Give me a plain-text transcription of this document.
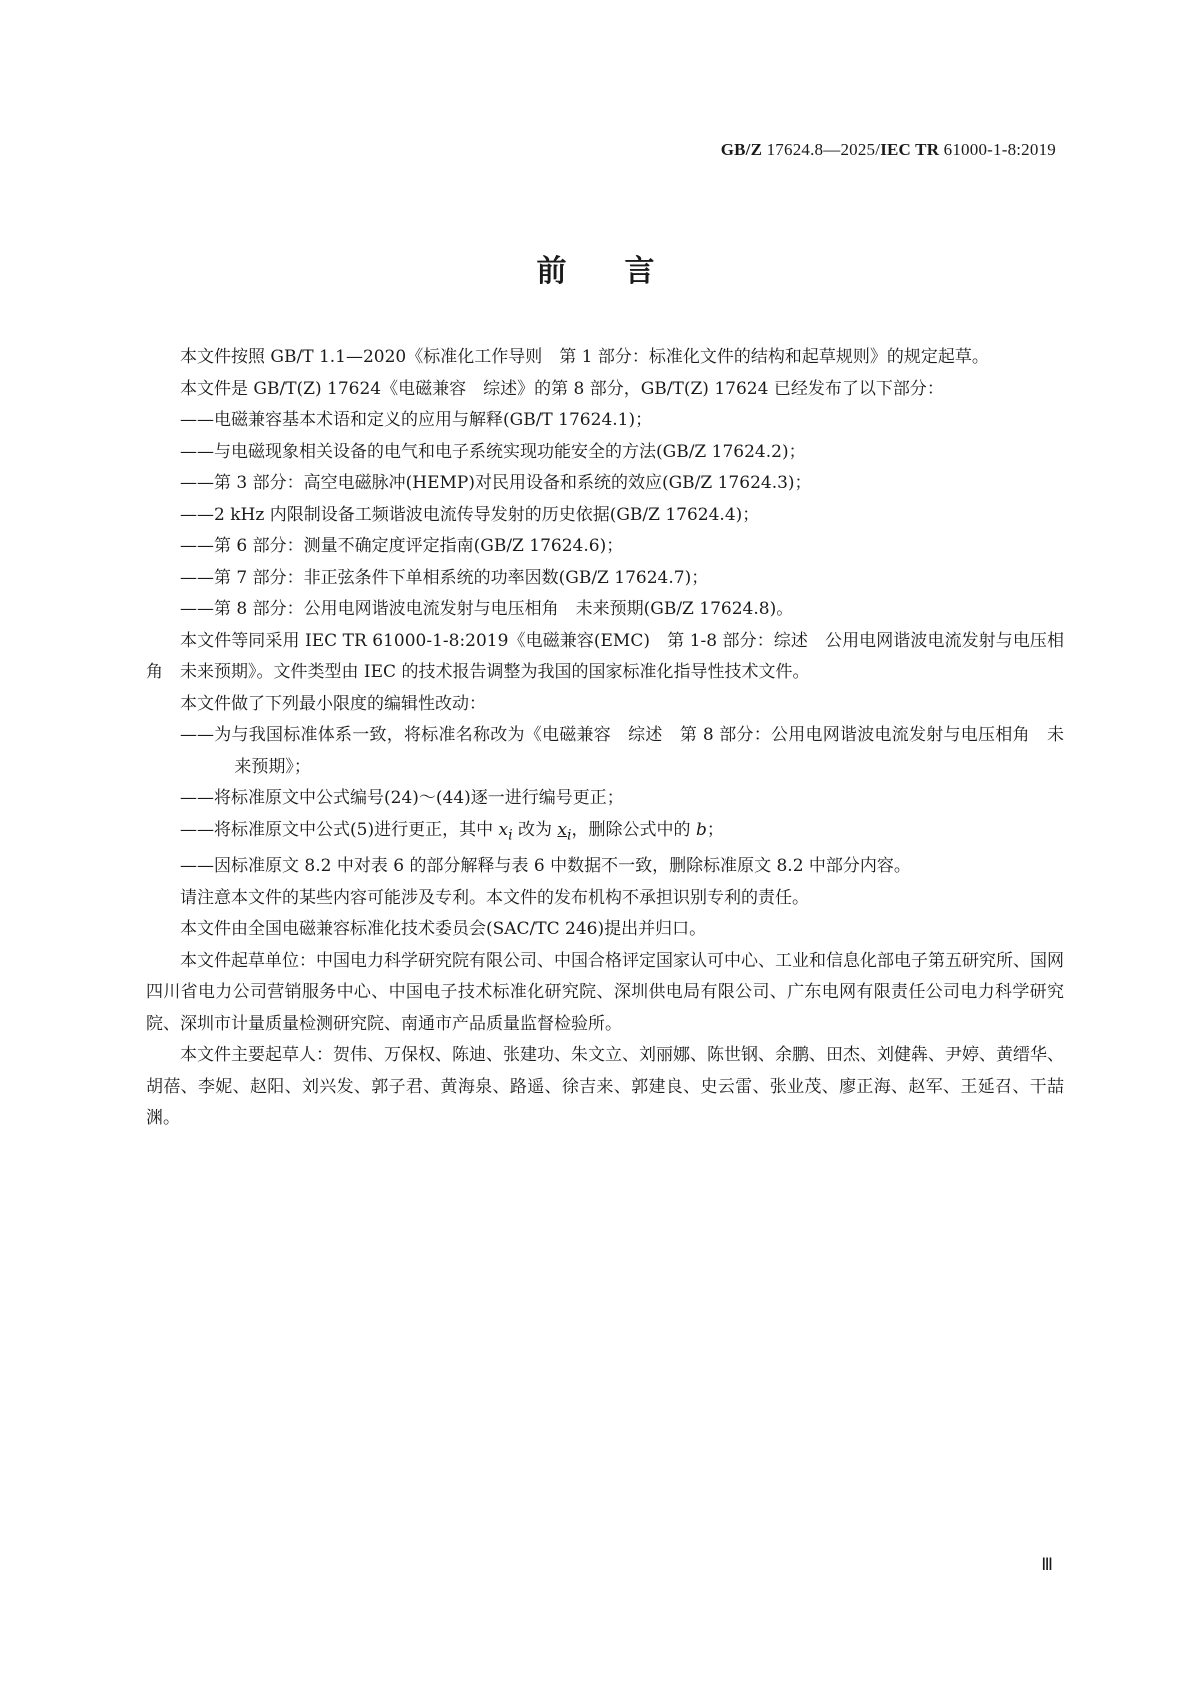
GB/Z 17624.8—2025/IEC TR 61000-1-8:2019
前 言

本文件按照 GB/T 1.1—2020《标准化工作导则　第 1 部分：标准化文件的结构和起草规则》的规定起草。

本文件是 GB/T(Z) 17624《电磁兼容　综述》的第 8 部分，GB/T(Z) 17624 已经发布了以下部分：

——电磁兼容基本术语和定义的应用与解释(GB/T 17624.1)；

——与电磁现象相关设备的电气和电子系统实现功能安全的方法(GB/Z 17624.2)；

——第 3 部分：高空电磁脉冲(HEMP)对民用设备和系统的效应(GB/Z 17624.3)；

——2 kHz 内限制设备工频谐波电流传导发射的历史依据(GB/Z 17624.4)；

——第 6 部分：测量不确定度评定指南(GB/Z 17624.6)；

——第 7 部分：非正弦条件下单相系统的功率因数(GB/Z 17624.7)；

——第 8 部分：公用电网谐波电流发射与电压相角　未来预期(GB/Z 17624.8)。

本文件等同采用 IEC TR 61000-1-8:2019《电磁兼容(EMC)　第 1-8 部分：综述　公用电网谐波电流发射与电压相角　未来预期》。文件类型由 IEC 的技术报告调整为我国的国家标准化指导性技术文件。

本文件做了下列最小限度的编辑性改动：

——为与我国标准体系一致，将标准名称改为《电磁兼容　综述　第 8 部分：公用电网谐波电流发射与电压相角　未来预期》；

——将标准原文中公式编号(24)～(44)逐一进行编号更正；

——将标准原文中公式(5)进行更正，其中 $x_i$ 改为 $x_i$，删除公式中的 b；

——因标准原文 8.2 中对表 6 的部分解释与表 6 中数据不一致，删除标准原文 8.2 中部分内容。

请注意本文件的某些内容可能涉及专利。本文件的发布机构不承担识别专利的责任。

本文件由全国电磁兼容标准化技术委员会(SAC/TC 246)提出并归口。

本文件起草单位：中国电力科学研究院有限公司、中国合格评定国家认可中心、工业和信息化部电子第五研究所、国网四川省电力公司营销服务中心、中国电子技术标准化研究院、深圳供电局有限公司、广东电网有限责任公司电力科学研究院、深圳市计量质量检测研究院、南通市产品质量监督检验所。

本文件主要起草人：贺伟、万保权、陈迪、张建功、朱文立、刘丽娜、陈世钢、余鹏、田杰、刘健犇、尹婷、黄缙华、胡蓓、李妮、赵阳、刘兴发、郭子君、黄海泉、路遥、徐吉来、郭建良、史云雷、张业茂、廖正海、赵军、王延召、干喆渊。

Ⅲ
